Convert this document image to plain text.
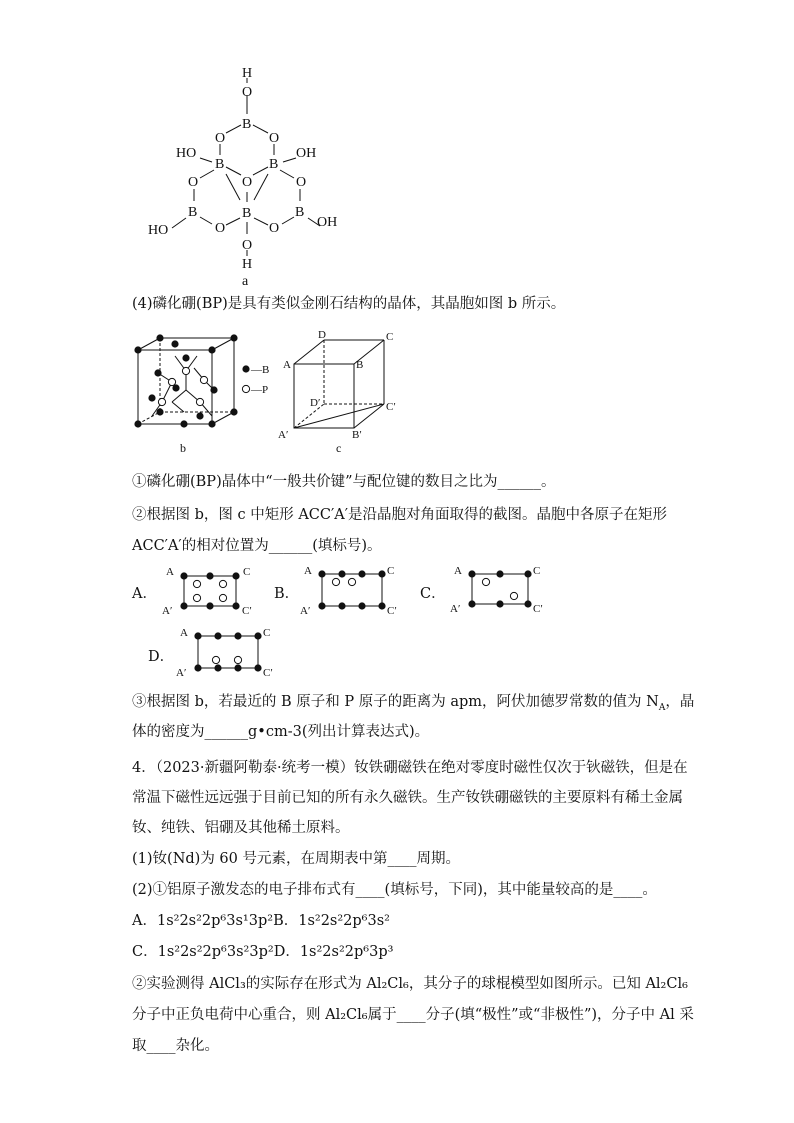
H
O
B
O	O
HO
B	B
OH
O
O	O
B	B	B
O	O
HO
OH
O
H
a
(4)磷化硼(BP)是具有类似金刚石结构的晶体，其晶胞如图 b 所示。
—B
—P
b
D	C
A	B
D′	C′
A′	B′
c
①磷化硼(BP)晶体中“一般共价键”与配位键的数目之比为______。
②根据图 b，图 c 中矩形 ACC′A′是沿晶胞对角面取得的截图。晶胞中各原子在矩形
ACC′A′的相对位置为______(填标号)。
A．
A	C
A′	C′
B．
A	C
A′	C′
C．
A	C
A′	C′
D．
A	C
A′	C′
③根据图 b，若最近的 B 原子和 P 原子的距离为 apm，阿伏加德罗常数的值为 $N_A$，晶
体的密度为______g•cm-3(列出计算表达式)。
4．（2023·新疆阿勒泰·统考一模）钕铁硼磁铁在绝对零度时磁性仅次于钬磁铁，但是在
常温下磁性远远强于目前已知的所有永久磁铁。生产钕铁硼磁铁的主要原料有稀土金属
钕、纯铁、铝硼及其他稀土原料。
(1)钕(Nd)为 60 号元素，在周期表中第____周期。
(2)①铝原子激发态的电子排布式有____(填标号，下同)，其中能量较高的是____。
A．1s²2s²2p⁶3s¹3p²B．1s²2s²2p⁶3s²
C．1s²2s²2p⁶3s²3p²D．1s²2s²2p⁶3p³
②实验测得 AlCl₃的实际存在形式为 Al₂Cl₆，其分子的球棍模型如图所示。已知 Al₂Cl₆
分子中正负电荷中心重合，则 Al₂Cl₆属于____分子(填“极性”或“非极性”)，分子中 Al 采
取____杂化。
